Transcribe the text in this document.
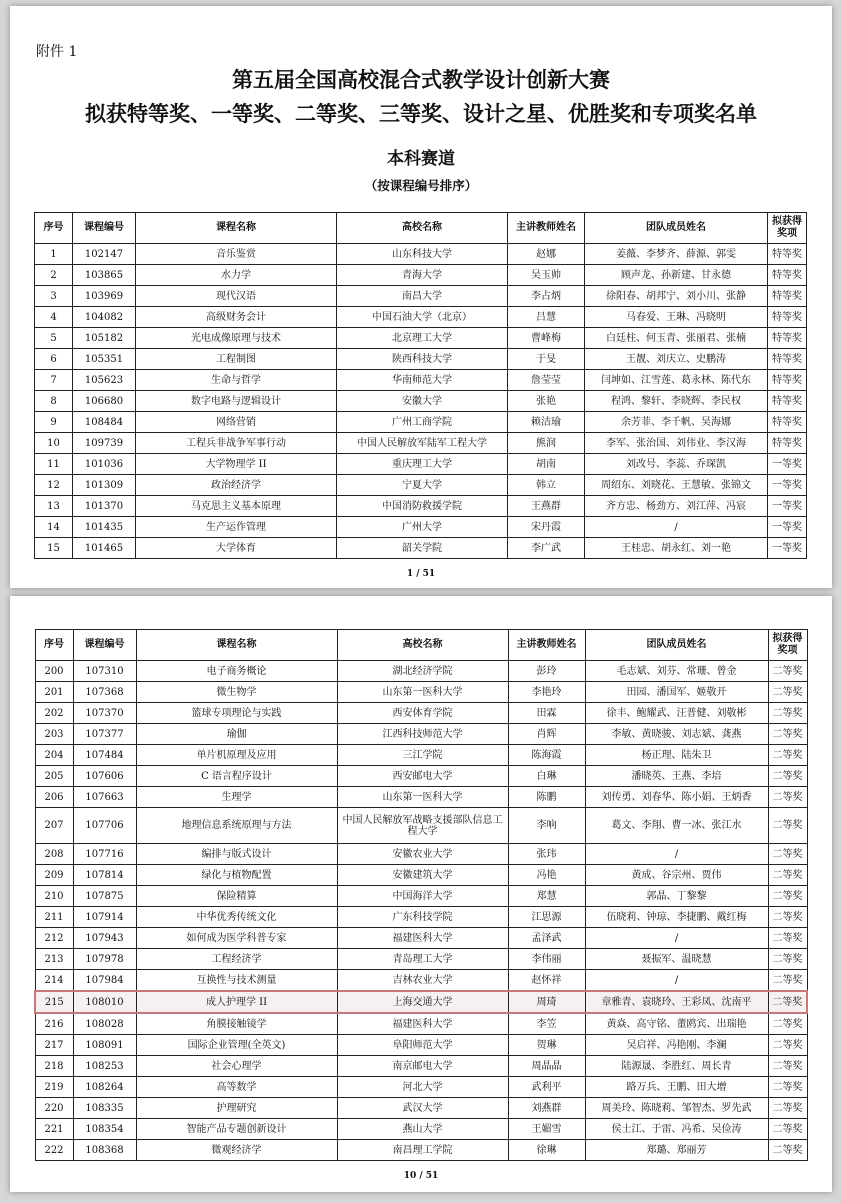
附件 1
第五届全国高校混合式教学设计创新大赛
拟获特等奖、一等奖、二等奖、三等奖、设计之星、优胜奖和专项奖名单
本科赛道
（按课程编号排序）
序号	课程编号	课程名称	高校名称	主讲教师姓名	团队成员姓名	拟获得奖项
1	102147	音乐鉴赏	山东科技大学	赵娜	姜薇、李梦齐、薛源、郭雯	特等奖
2	103865	水力学	青海大学	吴玉帅	顾声龙、孙新建、甘永德	特等奖
3	103969	现代汉语	南昌大学	李占炳	徐阳春、胡邦宁、刘小川、张静	特等奖
4	104082	高级财务会计	中国石油大学（北京）	吕慧	马春爱、王琳、冯晓明	特等奖
5	105182	光电成像原理与技术	北京理工大学	曹峰梅	白廷柱、何玉青、张丽君、张楠	特等奖
6	105351	工程制图	陕西科技大学	于旻	王靓、刘庆立、史鹏涛	特等奖
7	105623	生命与哲学	华南师范大学	詹莹莹	闫坤如、江雪莲、葛永林、陈代东	特等奖
8	106680	数字电路与逻辑设计	安徽大学	张艳	程鸿、黎轩、李晓辉、李民权	特等奖
9	108484	网络营销	广州工商学院	赖洁瑜	余芳菲、李千帆、吴海娜	特等奖
10	109739	工程兵非战争军事行动	中国人民解放军陆军工程大学	熊润	李军、张治国、刘伟业、李汉海	特等奖
11	101036	大学物理学 II	重庆理工大学	胡南	刘改号、李蕊、乔琛凯	一等奖
12	101309	政治经济学	宁夏大学	韩立	周绍东、刘晓花、王慧敏、张锦文	一等奖
13	101370	马克思主义基本原理	中国消防救援学院	王燕群	齐方忠、杨劲方、刘江萍、冯宸	一等奖
14	101435	生产运作管理	广州大学	宋丹霞	/	一等奖
15	101465	大学体育	韶关学院	李广武	王桂忠、胡永红、刘一艳	一等奖
1 / 51
序号	课程编号	课程名称	高校名称	主讲教师姓名	团队成员姓名	拟获得奖项
200	107310	电子商务概论	湖北经济学院	彭玲	毛志斌、刘芬、常珊、曾金	二等奖
201	107368	微生物学	山东第一医科大学	李艳玲	田园、潘国军、姬敬开	二等奖
202	107370	篮球专项理论与实践	西安体育学院	田霖	徐丰、鲍耀武、汪普健、刘敬彬	二等奖
203	107377	瑜伽	江西科技师范大学	肖辉	李敏、黄晓骏、刘志斌、龚燕	二等奖
204	107484	单片机原理及应用	三江学院	陈海霞	杨正理、陆朱卫	二等奖
205	107606	C 语言程序设计	西安邮电大学	白琳	潘晓英、王燕、李培	二等奖
206	107663	生理学	山东第一医科大学	陈鹏	刘传勇、刘春华、陈小娟、王炳香	二等奖
207	107706	地理信息系统原理与方法	中国人民解放军战略支援部队信息工程大学	李响	葛文、李翔、曹一冰、张江水	二等奖
208	107716	编排与版式设计	安徽农业大学	张玮	/	二等奖
209	107814	绿化与植物配置	安徽建筑大学	冯艳	黄成、谷宗州、贾伟	二等奖
210	107875	保险精算	中国海洋大学	郑慧	郭晶、丁黎黎	二等奖
211	107914	中华优秀传统文化	广东科技学院	江思源	伍晓莉、钟琼、李捷鹏、戴红梅	二等奖
212	107943	如何成为医学科普专家	福建医科大学	孟泽武	/	二等奖
213	107978	工程经济学	青岛理工大学	李伟丽	聂振军、温晓慧	二等奖
214	107984	互换性与技术测量	吉林农业大学	赵怀祥	/	二等奖
215	108010	成人护理学 II	上海交通大学	周琦	章雅青、袁晓玲、王彩凤、沈南平	二等奖
216	108028	角膜接触镜学	福建医科大学	李笠	黄焱、高守铭、董鸥宾、出瑞艳	二等奖
217	108091	国际企业管理(全英文)	阜阳师范大学	贺琳	吴启祥、冯艳刚、李澜	二等奖
218	108253	社会心理学	南京邮电大学	周晶晶	陆源晟、李胜红、周长青	二等奖
219	108264	高等数学	河北大学	武利平	路万兵、王鹏、田大增	二等奖
220	108335	护理研究	武汉大学	刘燕群	周美玲、陈晓莉、邹智杰、罗先武	二等奖
221	108354	智能产品专题创新设计	燕山大学	王媚雪	侯士江、于雷、冯希、吴俭涛	二等奖
222	108368	微观经济学	南昌理工学院	徐琳	郑璐、郑丽芳	二等奖
10 / 51
